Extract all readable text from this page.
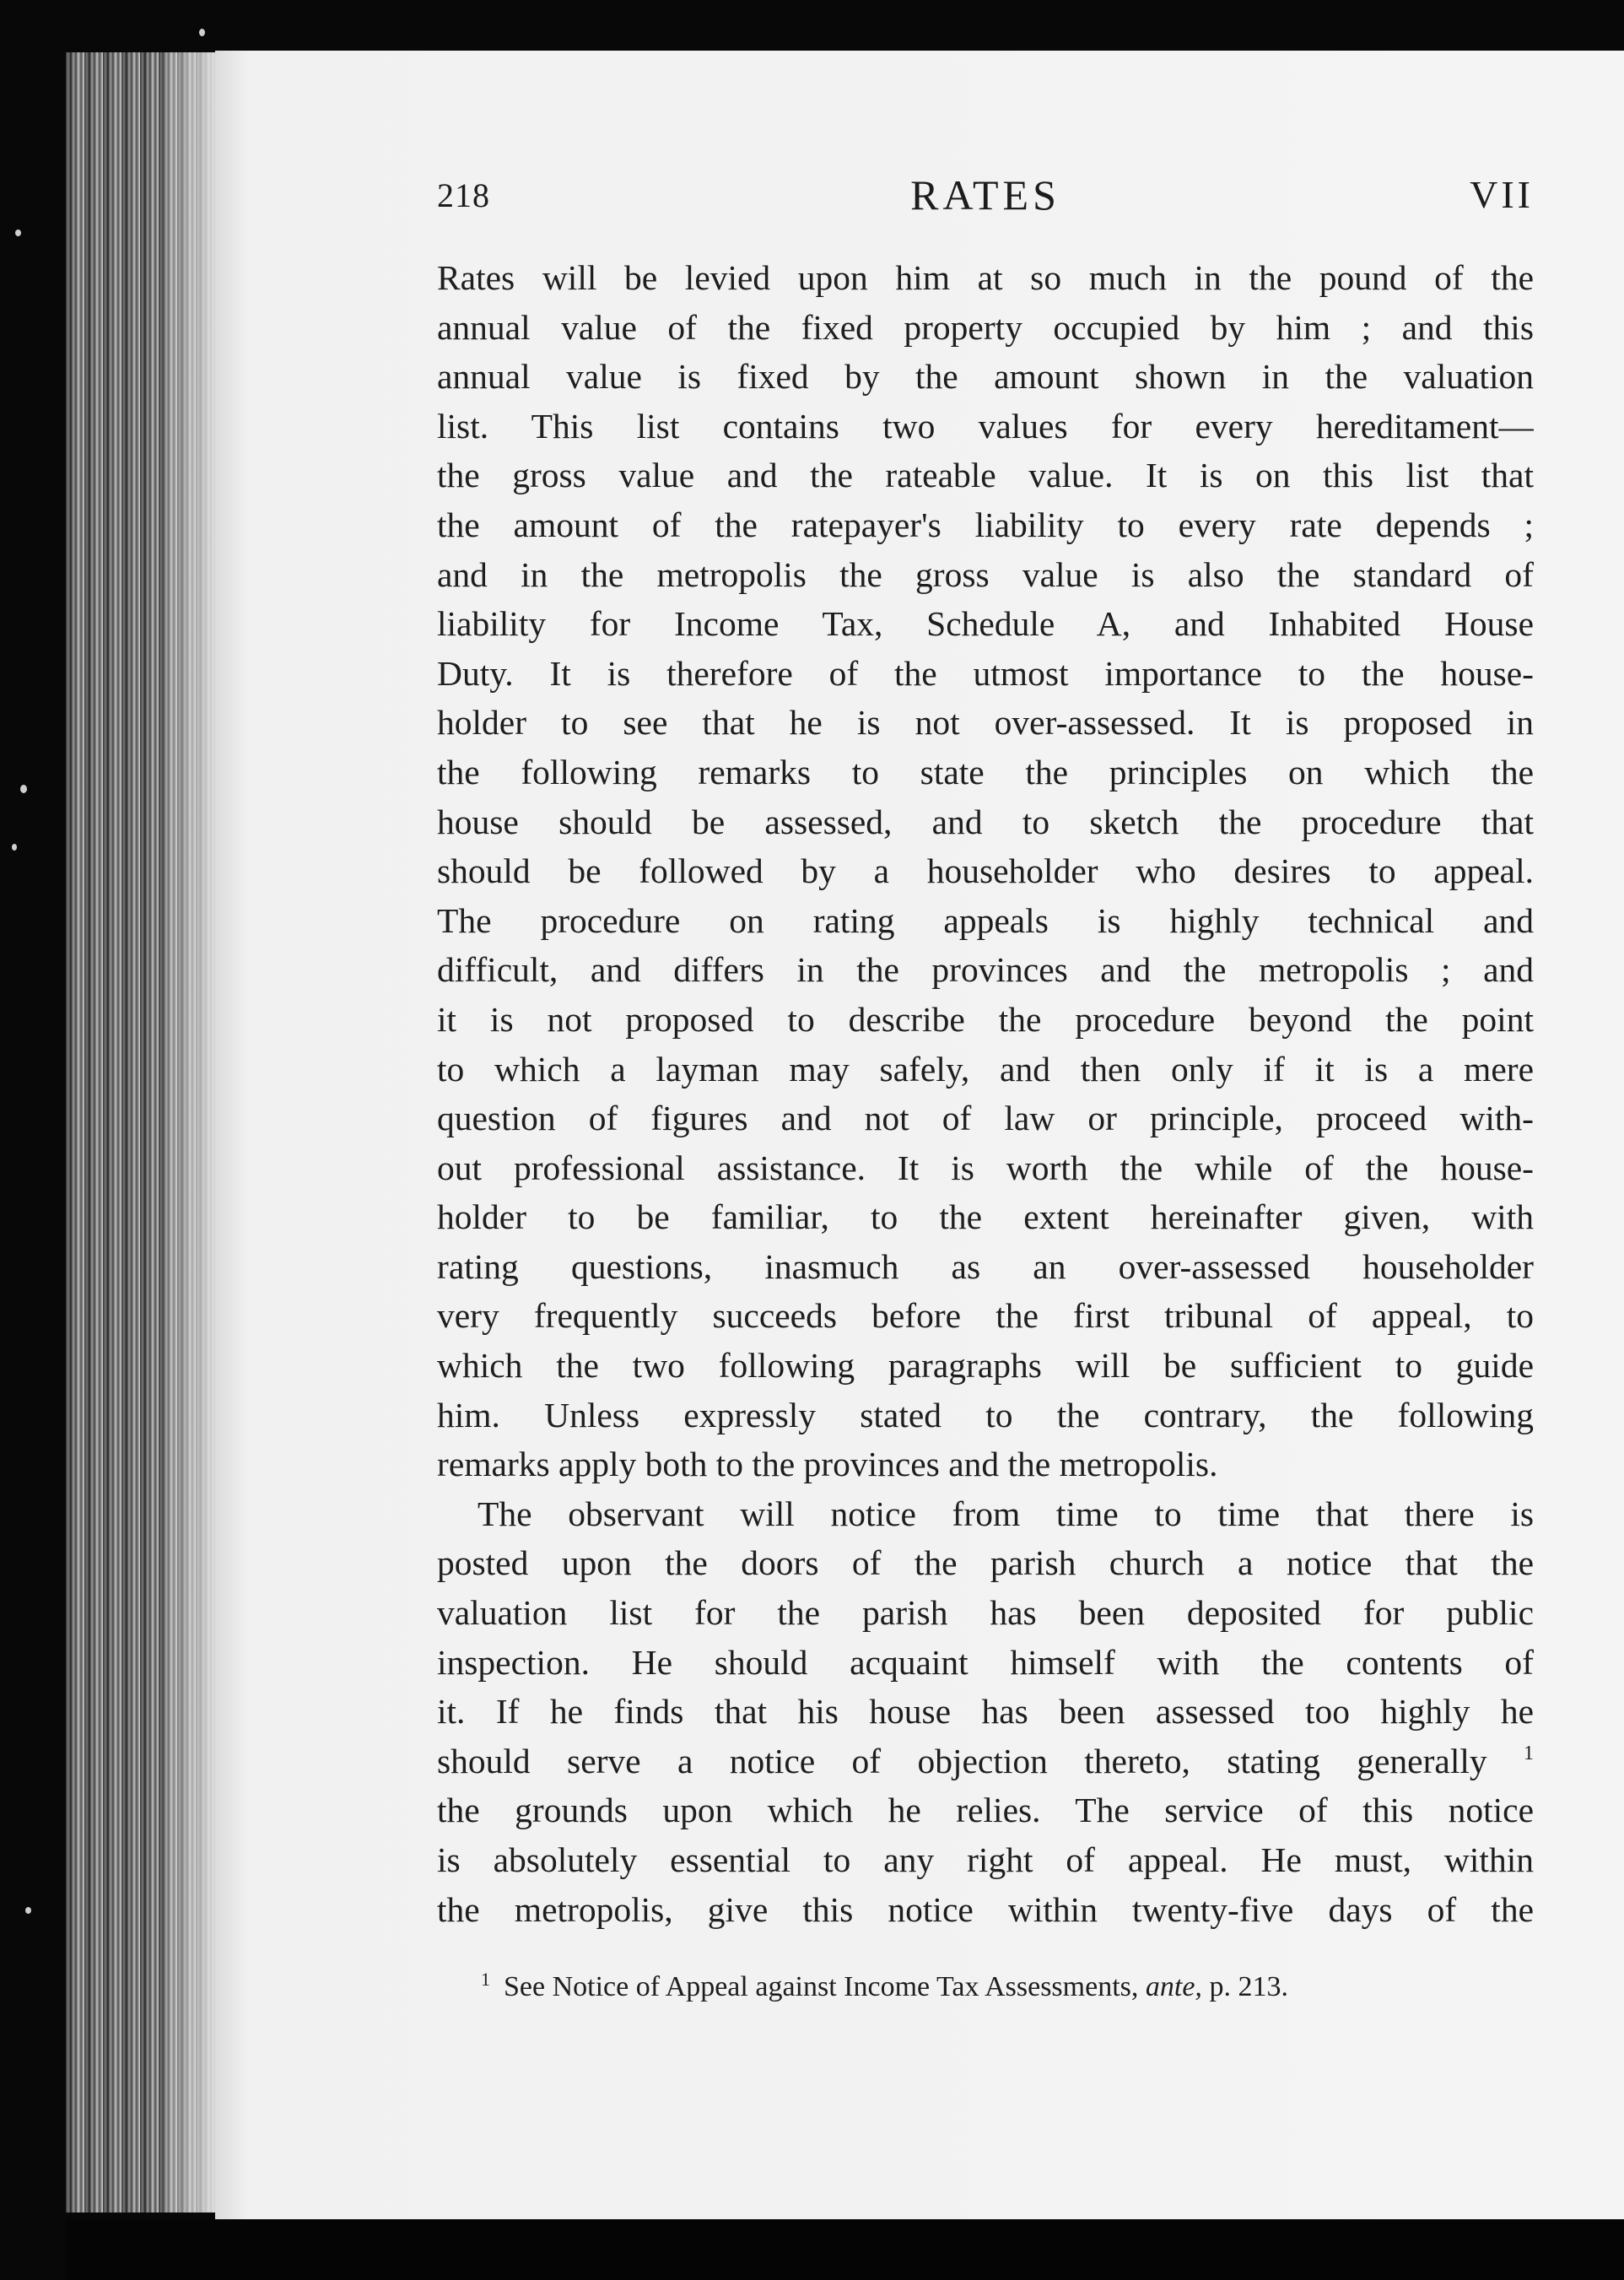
218	RATES	VII
Rates will be levied upon him at so much in the pound of the
annual value of the fixed property occupied by him ; and this
annual value is fixed by the amount shown in the valuation
list. This list contains two values for every hereditament—
the gross value and the rateable value. It is on this list that
the amount of the ratepayer's liability to every rate depends ;
and in the metropolis the gross value is also the standard of
liability for Income Tax, Schedule A, and Inhabited House
Duty. It is therefore of the utmost importance to the house-
holder to see that he is not over-assessed. It is proposed in
the following remarks to state the principles on which the
house should be assessed, and to sketch the procedure that
should be followed by a householder who desires to appeal.
The procedure on rating appeals is highly technical and
difficult, and differs in the provinces and the metropolis ; and
it is not proposed to describe the procedure beyond the point
to which a layman may safely, and then only if it is a mere
question of figures and not of law or principle, proceed with-
out professional assistance. It is worth the while of the house-
holder to be familiar, to the extent hereinafter given, with
rating questions, inasmuch as an over-assessed householder
very frequently succeeds before the first tribunal of appeal, to
which the two following paragraphs will be sufficient to guide
him. Unless expressly stated to the contrary, the following
remarks apply both to the provinces and the metropolis.
The observant will notice from time to time that there is
posted upon the doors of the parish church a notice that the
valuation list for the parish has been deposited for public
inspection. He should acquaint himself with the contents of
it. If he finds that his house has been assessed too highly he
should serve a notice of objection thereto, stating generally $^1$
the grounds upon which he relies. The service of this notice
is absolutely essential to any right of appeal. He must, within
the metropolis, give this notice within twenty-five days of the
$^1$ See Notice of Appeal against Income Tax Assessments, ante, p. 213.
